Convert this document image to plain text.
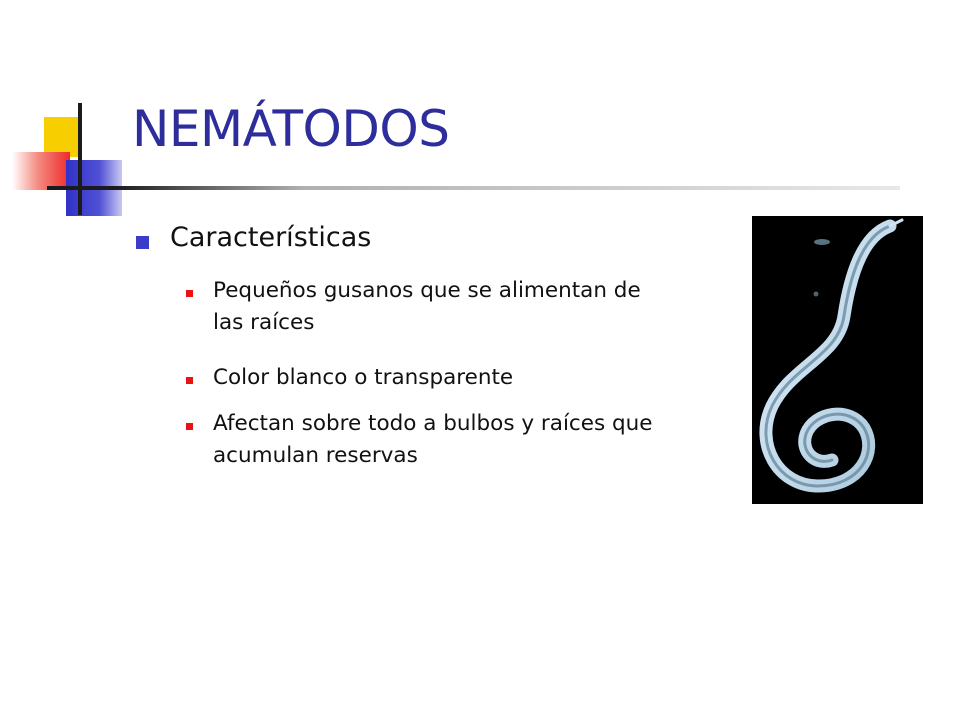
NEMÁTODOS
Características
Pequeños gusanos que se alimentan de las raíces
Color blanco o transparente
Afectan sobre todo a bulbos y raíces que acumulan reservas
